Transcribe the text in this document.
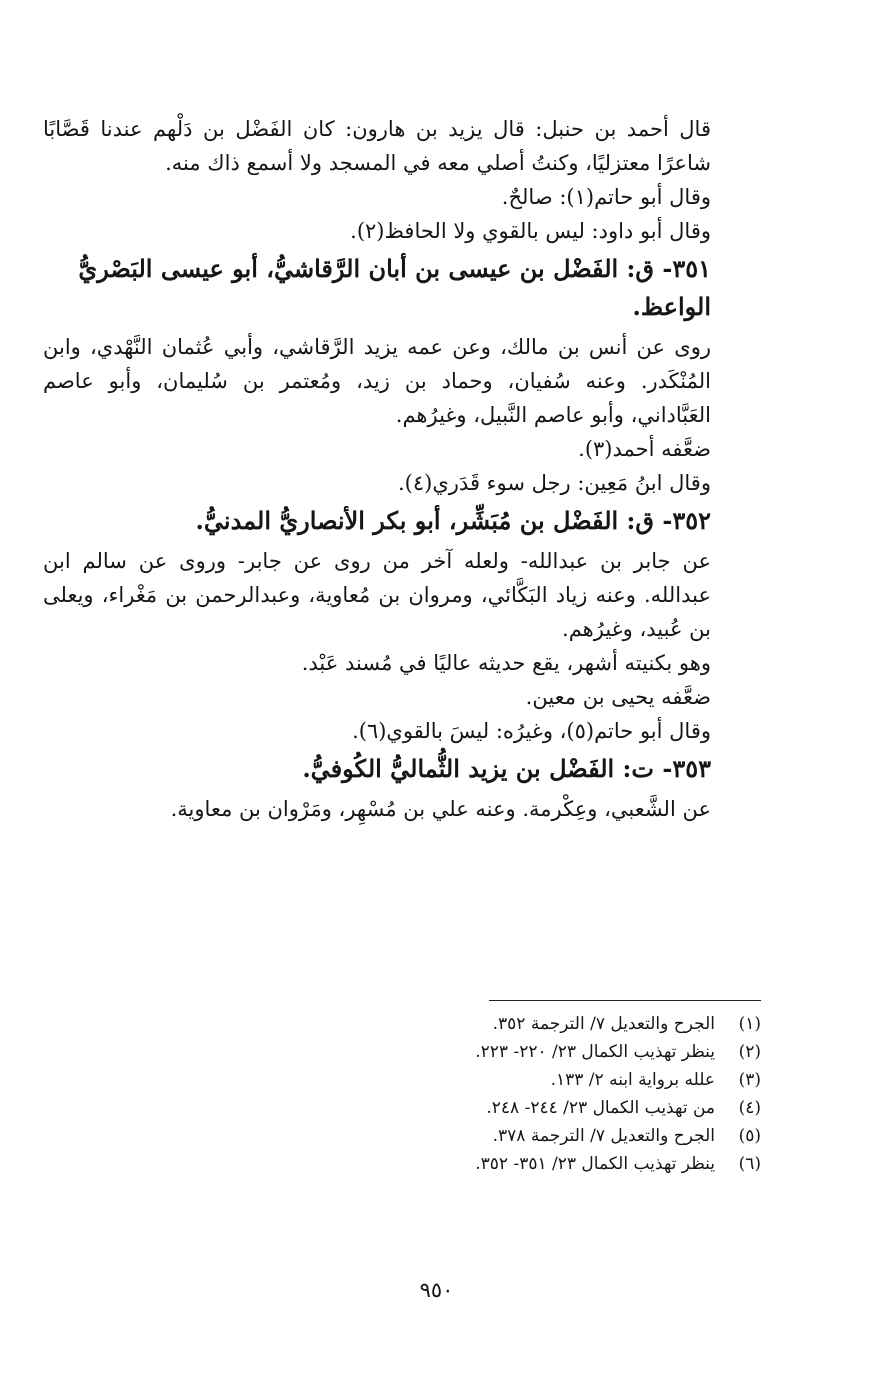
قال أحمد بن حنبل: قال يزيد بن هارون: كان الفَضْل بن دَلْهم عندنا قَصَّابًا شاعرًا معتزليًا، وكنتُ أصلي معه في المسجد ولا أسمع ذاك منه.

وقال أبو حاتم(١): صالحٌ.

وقال أبو داود: ليس بالقوي ولا الحافظ(٢).

٣٥١- ق: الفَضْل بن عيسى بن أبان الرَّقاشيُّ، أبو عيسى البَصْريُّ الواعظ.

روى عن أنس بن مالك، وعن عمه يزيد الرَّقاشي، وأبي عُثمان النَّهْدي، وابن المُنْكَدر. وعنه سُفيان، وحماد بن زيد، ومُعتمر بن سُليمان، وأبو عاصم العَبَّاداني، وأبو عاصم النَّبيل، وغيرُهم.

ضعَّفه أحمد(٣).

وقال ابنُ مَعِين: رجل سوء قَدَري(٤).

٣٥٢- ق: الفَضْل بن مُبَشِّر، أبو بكر الأنصاريُّ المدنيُّ.

عن جابر بن عبدالله- ولعله آخر من روى عن جابر- وروى عن سالم ابن عبدالله. وعنه زياد البَكَّائي، ومروان بن مُعاوية، وعبدالرحمن بن مَغْراء، ويعلى بن عُبيد، وغيرُهم.

وهو بكنيته أشهر، يقع حديثه عاليًا في مُسند عَبْد.

ضعَّفه يحيى بن معين.

وقال أبو حاتم(٥)، وغيرُه: ليسَ بالقوي(٦).

٣٥٣- ت: الفَضْل بن يزيد الثُّماليُّ الكُوفيُّ.

عن الشَّعبي، وعِكْرمة. وعنه علي بن مُسْهِر، ومَرْوان بن معاوية.

(١)
الجرح والتعديل ٧/ الترجمة ٣٥٢.
(٢)
ينظر تهذيب الكمال ٢٣/ ٢٢٠- ٢٢٣.
(٣)
علله برواية ابنه ٢/ ١٣٣.
(٤)
من تهذيب الكمال ٢٣/ ٢٤٤- ٢٤٨.
(٥)
الجرح والتعديل ٧/ الترجمة ٣٧٨.
(٦)
ينظر تهذيب الكمال ٢٣/ ٣٥١- ٣٥٢.
٩٥٠
